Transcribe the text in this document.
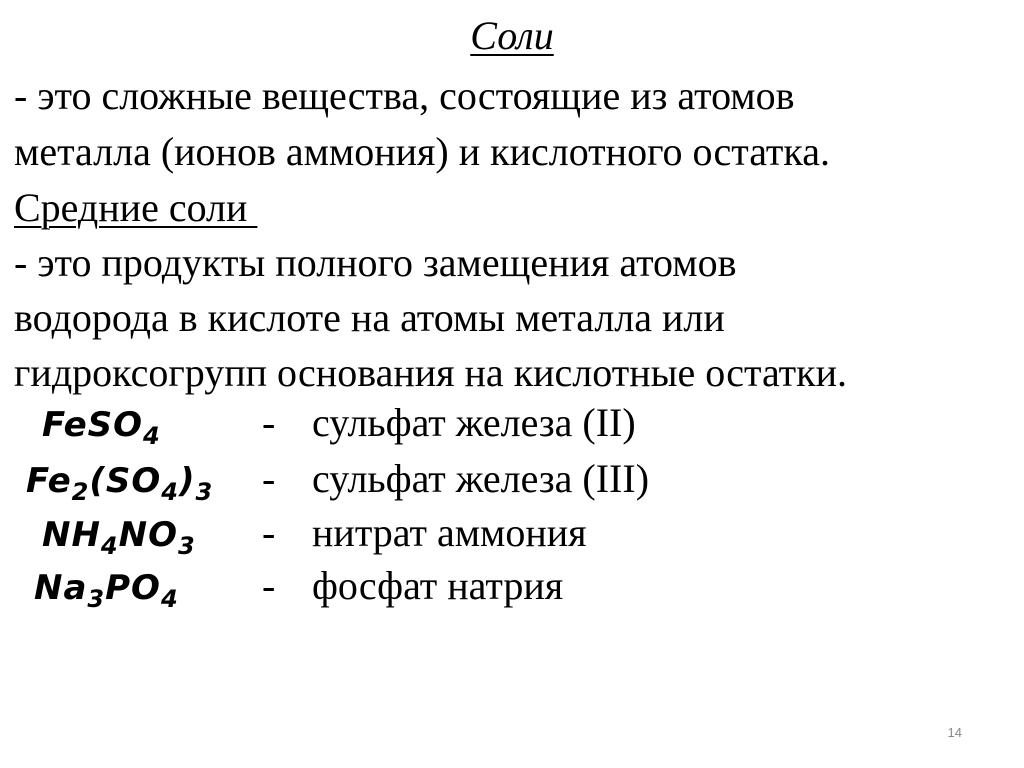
Соли
- это сложные вещества, состоящие из атомов
металла (ионов аммония) и кислотного остатка.
Средние соли
- это продукты полного замещения атомов
водорода в кислоте на атомы металла или
гидроксогрупп основания на кислотные остатки.
FeSO$_4$	- сульфат железа (II)
$Fe_2(SO_4)_3$ - сульфат железа (III)
$NH_4NO_3$ - нитрат аммония
$Na_3PO_4$ - фосфат натрия
14
